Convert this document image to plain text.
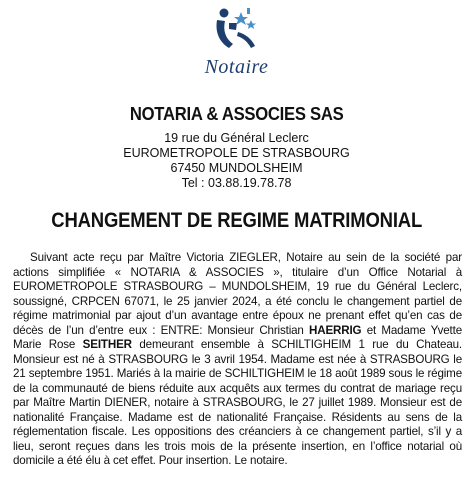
Notaire
NOTARIA & ASSOCIES SAS
19 rue du Général Leclerc
EUROMETROPOLE DE STRASBOURG
67450 MUNDOLSHEIM
Tel : 03.88.19.78.78
CHANGEMENT DE REGIME MATRIMONIAL

Suivant acte reçu par Maître Victoria ZIEGLER, Notaire au sein de la société par actions simplifiée « NOTARIA & ASSOCIES », titulaire d’un Office Notarial à EUROMETROPOLE STRASBOURG – MUNDOLSHEIM, 19 rue du Général Leclerc, soussigné, CRPCEN 67071, le 25 janvier 2024, a été conclu le changement partiel de régime matrimonial par ajout d’un avantage entre époux ne prenant effet qu’en cas de décès de l’un d’entre eux : ENTRE: Monsieur Christian HAERRIG et Madame Yvette Marie Rose SEITHER demeurant ensemble à SCHILTIGHEIM 1 rue du Chateau. Monsieur est né à STRASBOURG le 3 avril 1954. Madame est née à STRASBOURG le 21 septembre 1951. Mariés à la mairie de SCHILTIGHEIM le 18 août 1989 sous le régime de la communauté de biens réduite aux acquêts aux termes du contrat de mariage reçu par Maître Martin DIENER, notaire à STRASBOURG, le 27 juillet 1989. Monsieur est de nationalité Française. Madame est de nationalité Française. Résidents au sens de la réglementation fiscale. Les oppositions des créanciers à ce changement partiel, s’il y a lieu, seront reçues dans les trois mois de la présente insertion, en l’office notarial où domicile a été élu à cet effet. Pour insertion. Le notaire.
